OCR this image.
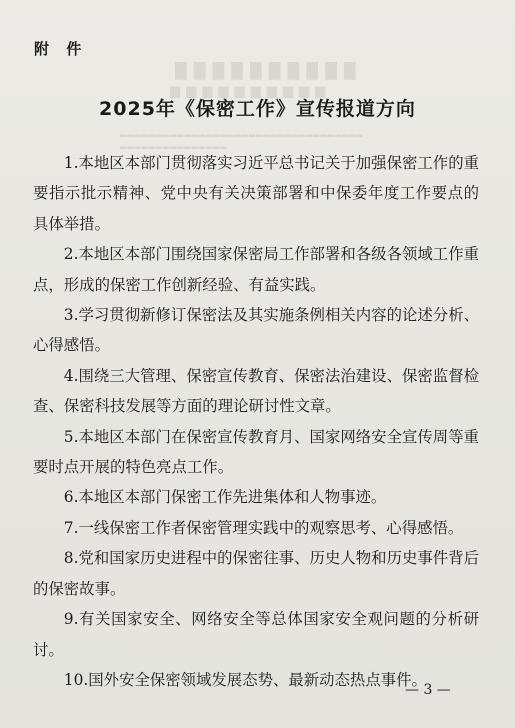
█ █ █ █ █ █ █ █ █ █
▆ ▆ ▆ ▆ ▆ ▆ ▆ ▆ ▆ ▆
▂▂▂▂▂▂▂▂▂▂▂▂▂▂▂▂▂▂▂▂▂▂▂▂▂▂▂▂▂▂▂▂▂▂
▂▂▂▂▂▂▂▂▂▂▂▂▂▂▂
附 件
2025年《保密工作》宣传报道方向
1.本地区本部门贯彻落实习近平总书记关于加强保密工作的重要指示批示精神、党中央有关决策部署和中保委年度工作要点的具体举措。
2.本地区本部门围绕国家保密局工作部署和各级各领域工作重点，形成的保密工作创新经验、有益实践。
3.学习贯彻新修订保密法及其实施条例相关内容的论述分析、心得感悟。
4.围绕三大管理、保密宣传教育、保密法治建设、保密监督检查、保密科技发展等方面的理论研讨性文章。
5.本地区本部门在保密宣传教育月、国家网络安全宣传周等重要时点开展的特色亮点工作。
6.本地区本部门保密工作先进集体和人物事迹。
7.一线保密工作者保密管理实践中的观察思考、心得感悟。
8.党和国家历史进程中的保密往事、历史人物和历史事件背后的保密故事。
9.有关国家安全、网络安全等总体国家安全观问题的分析研讨。
10.国外安全保密领域发展态势、最新动态热点事件。
— 3 —
